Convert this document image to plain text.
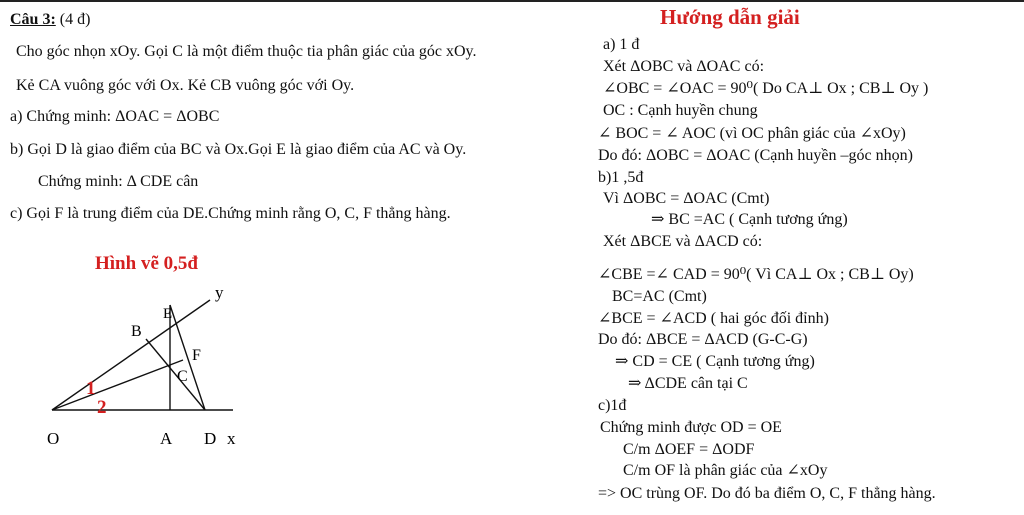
Câu 3: (4 đ)
Cho góc nhọn xOy. Gọi C là một điểm thuộc tia phân giác của góc xOy.
Kẻ CA vuông góc với Ox. Kẻ CB vuông góc với Oy.
a) Chứng minh: ΔOAC = ΔOBC
b) Gọi D là giao điểm của BC và Ox.Gọi E là giao điểm của AC và Oy.
Chứng minh: Δ CDE cân
c) Gọi F là trung điểm của DE.Chứng minh rằng O, C, F thẳng hàng.
Hình vẽ 0,5đ
y
E
B
F
C
1
2
O	A D x
Hướng dẫn giải
a) 1 đ
Xét ΔOBC và ΔOAC có:
∠OBC = ∠OAC = 90⁰( Do CA⊥ Ox ; CB⊥ Oy )
OC : Cạnh huyền chung
∠ BOC = ∠ AOC (vì OC phân giác của ∠xOy)
Do đó: ΔOBC = ΔOAC (Cạnh huyền –góc nhọn)
b)1 ,5đ
Vì ΔOBC = ΔOAC (Cmt)
⇒ BC =AC ( Cạnh tương ứng)
Xét ΔBCE và ΔACD có:
∠CBE =∠ CAD = 90⁰( Vì CA⊥ Ox ; CB⊥ Oy)
BC=AC (Cmt)
∠BCE = ∠ACD ( hai góc đối đỉnh)
Do đó: ΔBCE = ΔACD (G-C-G)
⇒ CD = CE ( Cạnh tương ứng)
⇒ ΔCDE cân tại C
c)1đ
Chứng minh được OD = OE
C/m ΔOEF = ΔODF
C/m OF là phân giác của ∠xOy
=> OC trùng OF. Do đó ba điểm O, C, F thẳng hàng.
